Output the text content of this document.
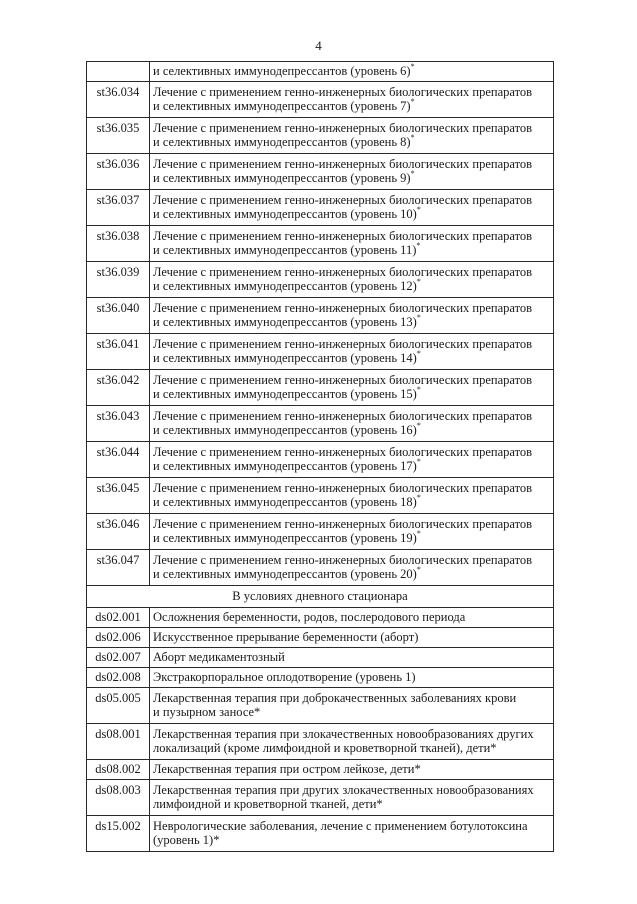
4

	и селективных иммунодепрессантов (уровень 6)*

st36.034	Лечение с применением генно-инженерных биологических препаратов
и селективных иммунодепрессантов (уровень 7)*

st36.035	Лечение с применением генно-инженерных биологических препаратов
и селективных иммунодепрессантов (уровень 8)*

st36.036	Лечение с применением генно-инженерных биологических препаратов
и селективных иммунодепрессантов (уровень 9)*

st36.037	Лечение с применением генно-инженерных биологических препаратов
и селективных иммунодепрессантов (уровень 10)*

st36.038	Лечение с применением генно-инженерных биологических препаратов
и селективных иммунодепрессантов (уровень 11)*

st36.039	Лечение с применением генно-инженерных биологических препаратов
и селективных иммунодепрессантов (уровень 12)*

st36.040	Лечение с применением генно-инженерных биологических препаратов
и селективных иммунодепрессантов (уровень 13)*

st36.041	Лечение с применением генно-инженерных биологических препаратов
и селективных иммунодепрессантов (уровень 14)*

st36.042	Лечение с применением генно-инженерных биологических препаратов
и селективных иммунодепрессантов (уровень 15)*

st36.043	Лечение с применением генно-инженерных биологических препаратов
и селективных иммунодепрессантов (уровень 16)*

st36.044	Лечение с применением генно-инженерных биологических препаратов
и селективных иммунодепрессантов (уровень 17)*

st36.045	Лечение с применением генно-инженерных биологических препаратов
и селективных иммунодепрессантов (уровень 18)*

st36.046	Лечение с применением генно-инженерных биологических препаратов
и селективных иммунодепрессантов (уровень 19)*

st36.047	Лечение с применением генно-инженерных биологических препаратов
и селективных иммунодепрессантов (уровень 20)*

В условиях дневного стационара	
ds02.001	Осложнения беременности, родов, послеродового периода

ds02.006	Искусственное прерывание беременности (аборт)

ds02.007	Аборт медикаментозный

ds02.008	Экстракорпоральное оплодотворение (уровень 1)

ds05.005	Лекарственная терапия при доброкачественных заболеваниях крови
и пузырном заносе*

ds08.001	Лекарственная терапия при злокачественных новообразованиях других
локализаций (кроме лимфоидной и кроветворной тканей), дети*

ds08.002	Лекарственная терапия при остром лейкозе, дети*

ds08.003	Лекарственная терапия при других злокачественных новообразованиях
лимфоидной и кроветворной тканей, дети*

ds15.002	Неврологические заболевания, лечение с применением ботулотоксина
(уровень 1)*
